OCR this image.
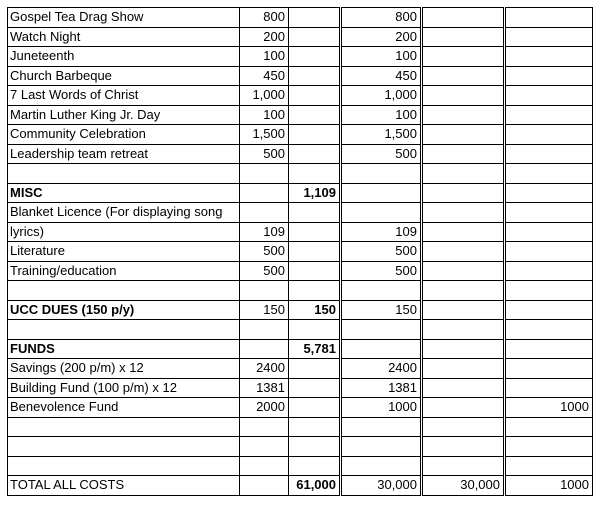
Gospel Tea Drag Show	800		800		
Watch Night	200		200		
Juneteenth	100		100		
Church Barbeque	450		450		
7 Last Words of Christ	1,000		1,000		
Martin Luther King Jr. Day	100		100		
Community Celebration	1,500		1,500		
Leadership team retreat	500		500		

MISC		1,109			
Blanket Licence (For displaying song					
lyrics)	109		109		
Literature	500		500		
Training/education	500		500		

UCC DUES (150 p/y)	150	150	150		

FUNDS		5,781			
Savings (200 p/m) x 12	2400		2400		
Building Fund (100 p/m) x 12	1381		1381		
Benevolence Fund	2000		1000		1000

TOTAL ALL COSTS		61,000	30,000	30,000	1000
